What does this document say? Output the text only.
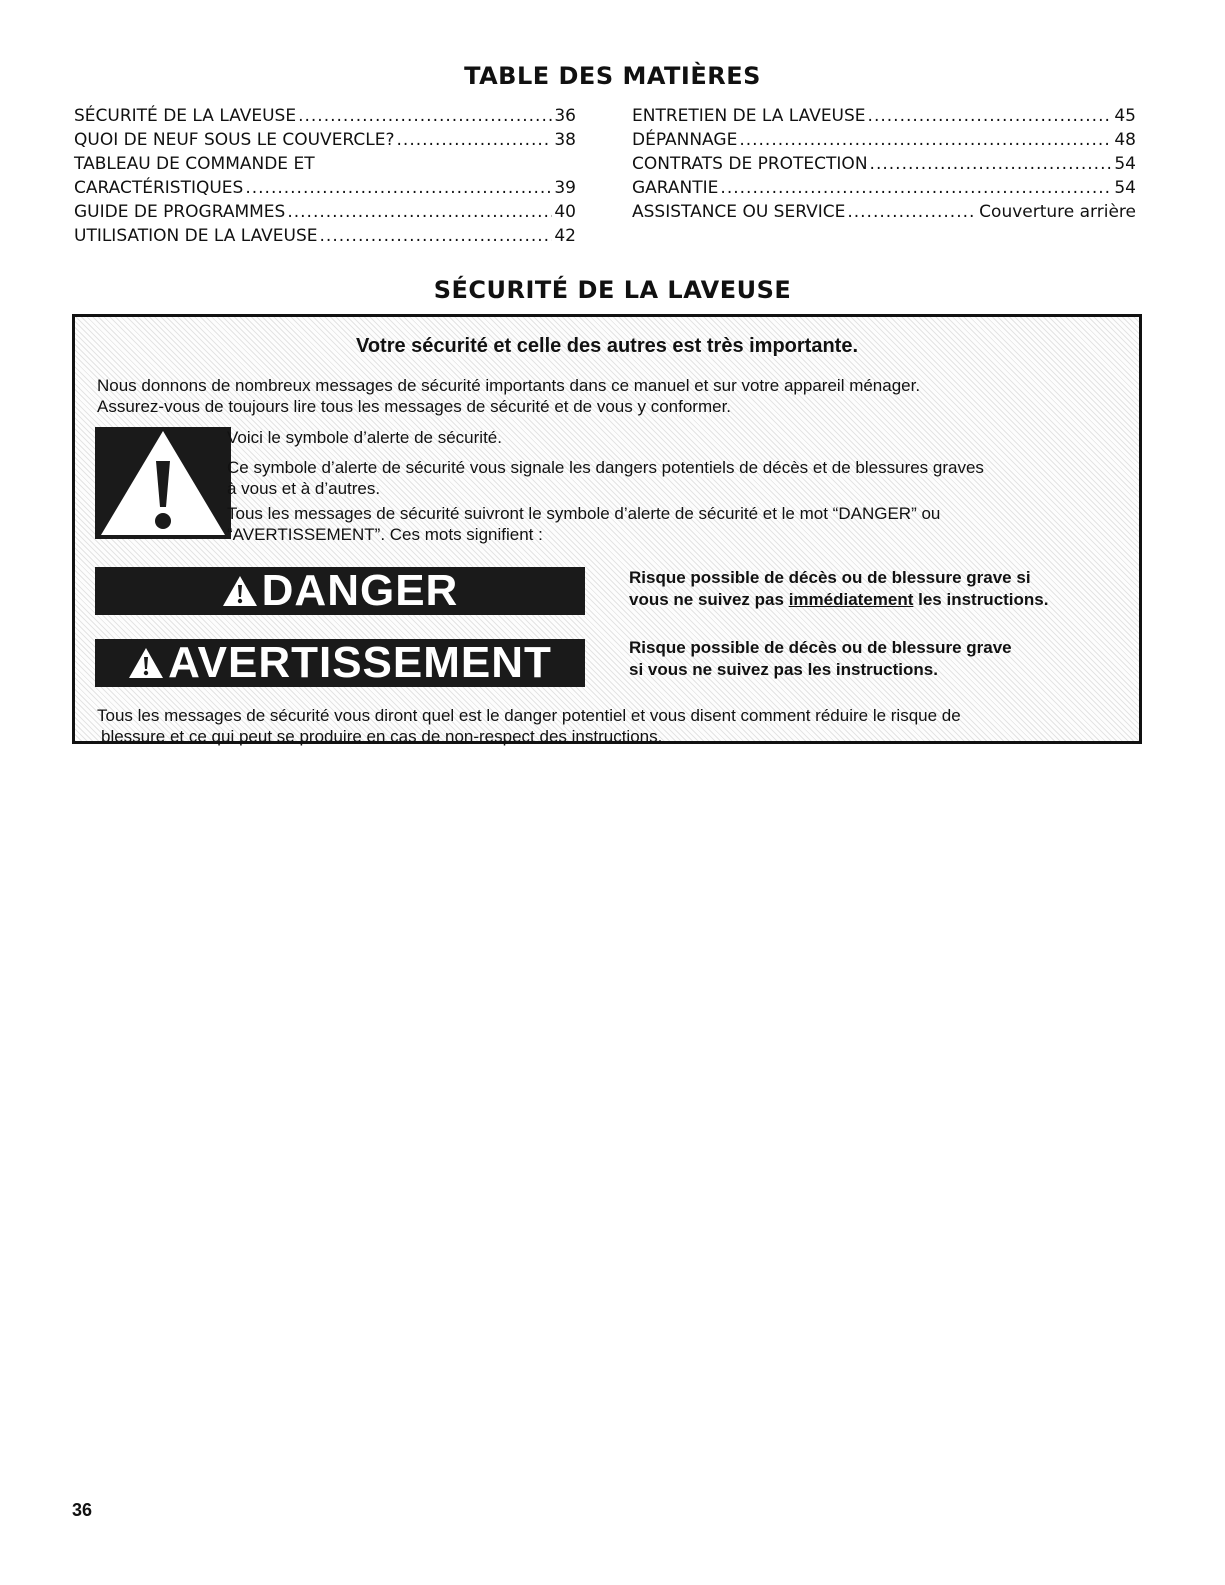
TABLE DES MATIÈRES
SÉCURITÉ DE LA LAVEUSE .....	36
QUOI DE NEUF SOUS LE COUVERCLE? .....	38
TABLEAU DE COMMANDE ET
CARACTÉRISTIQUES .....	39
GUIDE DE PROGRAMMES .....	40
UTILISATION DE LA LAVEUSE .....	42
ENTRETIEN DE LA LAVEUSE .....	45
DÉPANNAGE .....	48
CONTRATS DE PROTECTION .....	54
GARANTIE .....	54
ASSISTANCE OU SERVICE .....	Couverture arrière
SÉCURITÉ DE LA LAVEUSE
Votre sécurité et celle des autres est très importante.
Nous donnons de nombreux messages de sécurité importants dans ce manuel et sur votre appareil ménager.
Assurez-vous de toujours lire tous les messages de sécurité et de vous y conformer.
Voici le symbole d’alerte de sécurité.
Ce symbole d’alerte de sécurité vous signale les dangers potentiels de décès et de blessures graves
à vous et à d’autres.
Tous les messages de sécurité suivront le symbole d’alerte de sécurité et le mot “DANGER” ou
“AVERTISSEMENT”. Ces mots signifient :
DANGER	Risque possible de décès ou de blessure grave si
vous ne suivez pas immédiatement les instructions.
AVERTISSEMENT	Risque possible de décès ou de blessure grave
si vous ne suivez pas les instructions.
Tous les messages de sécurité vous diront quel est le danger potentiel et vous disent comment réduire le risque de
blessure et ce qui peut se produire en cas de non-respect des instructions.
36
